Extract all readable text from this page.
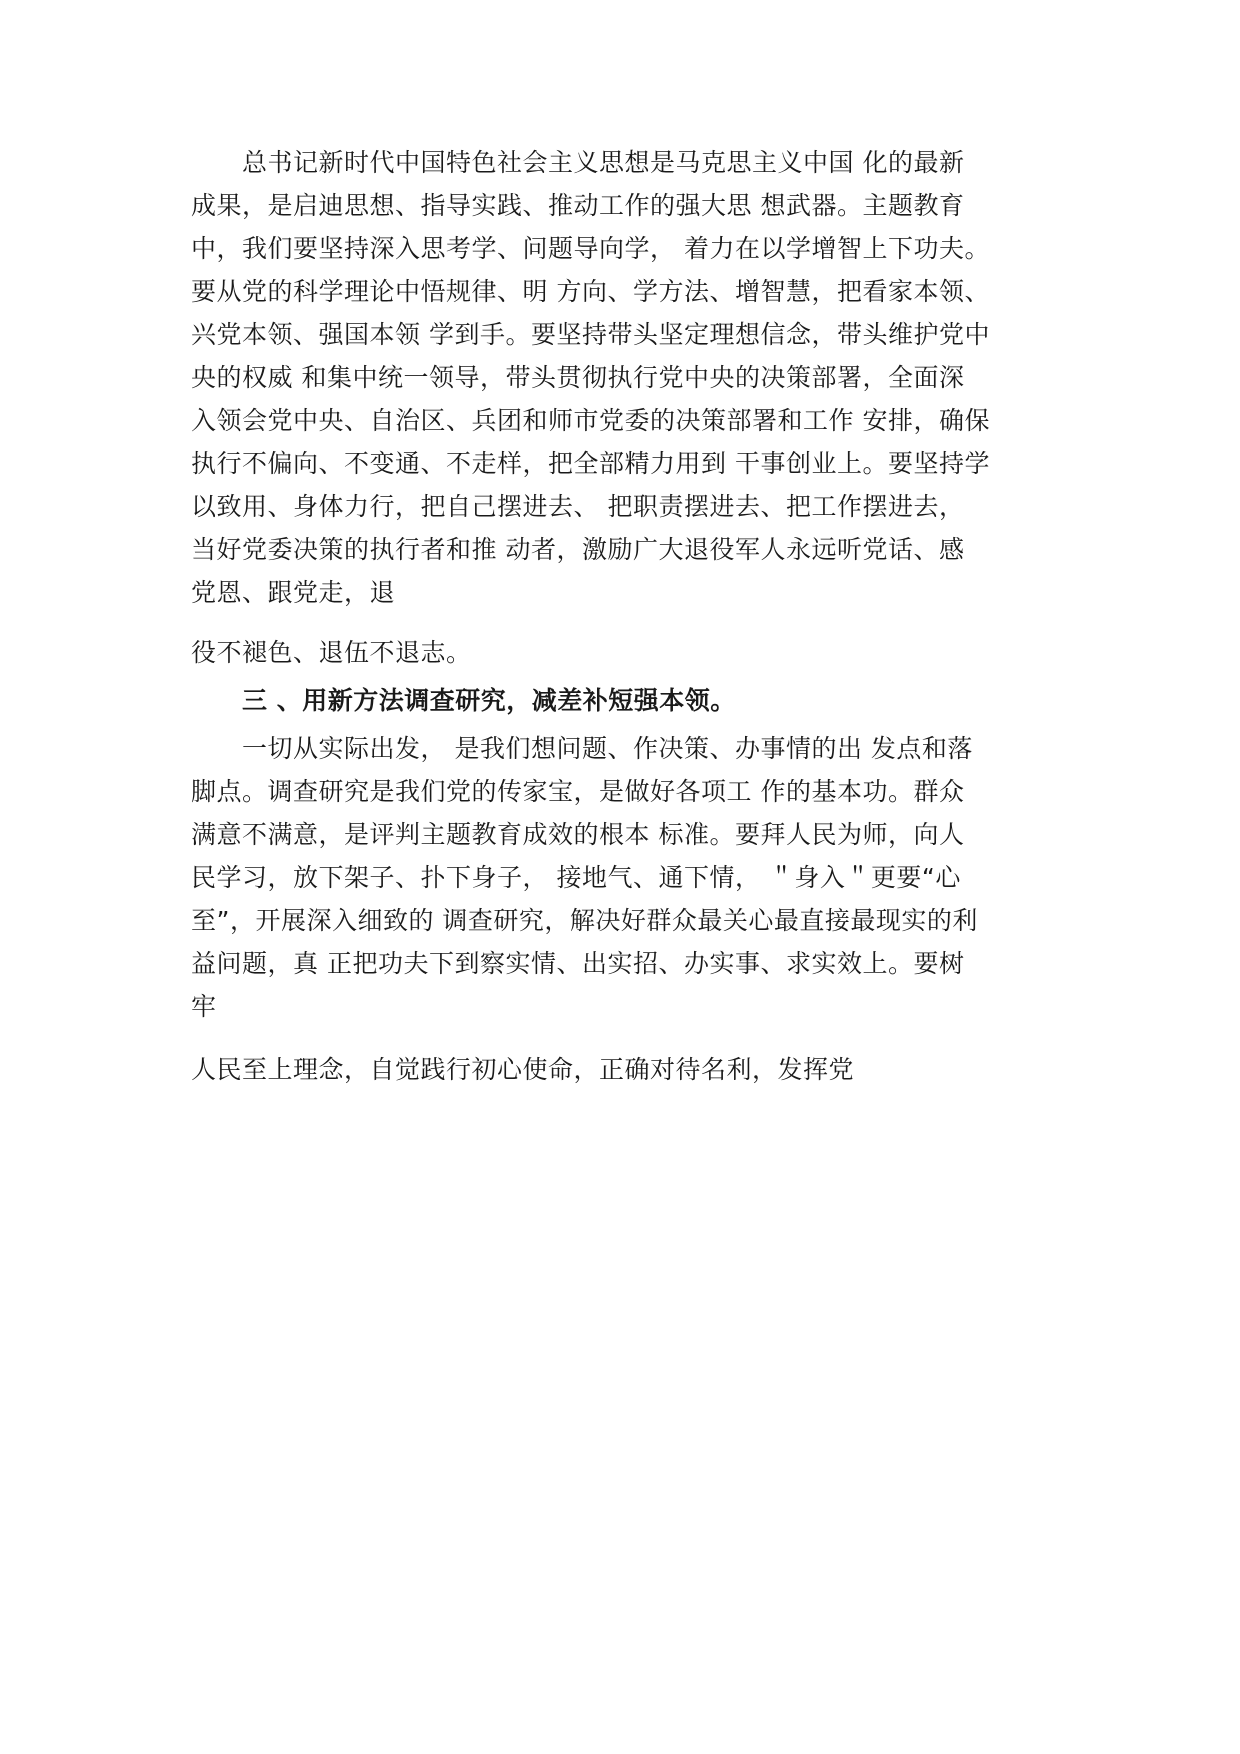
　　总书记新时代中国特色社会主义思想是马克思主义中国 化的最新
成果，是启迪思想、指导实践、推动工作的强大思 想武器。主题教育
中，我们要坚持深入思考学、问题导向学， 着力在以学增智上下功夫。
要从党的科学理论中悟规律、明 方向、学方法、增智慧，把看家本领、
兴党本领、强国本领 学到手。要坚持带头坚定理想信念，带头维护党中
央的权威 和集中统一领导，带头贯彻执行党中央的决策部署，全面深
入领会党中央、自治区、兵团和师市党委的决策部署和工作 安排，确保
执行不偏向、不变通、不走样，把全部精力用到 干事创业上。要坚持学
以致用、身体力行，把自己摆进去、 把职责摆进去、把工作摆进去，
当好党委决策的执行者和推 动者，激励广大退役军人永远听党话、感
党恩、跟党走，退
役不褪色、退伍不退志。
　　三 、用新方法调查研究，减差补短强本领。
　　一切从实际出发， 是我们想问题、作决策、办事情的出 发点和落
脚点。调查研究是我们党的传家宝，是做好各项工 作的基本功。群众
满意不满意，是评判主题教育成效的根本 标准。要拜人民为师，向人
民学习，放下架子、扑下身子， 接地气、通下情， ＂身入＂更要“心
至”，开展深入细致的 调查研究，解决好群众最关心最直接最现实的利
益问题，真 正把功夫下到察实情、出实招、办实事、求实效上。要树
牢
人民至上理念，自觉践行初心使命，正确对待名利，发挥党
